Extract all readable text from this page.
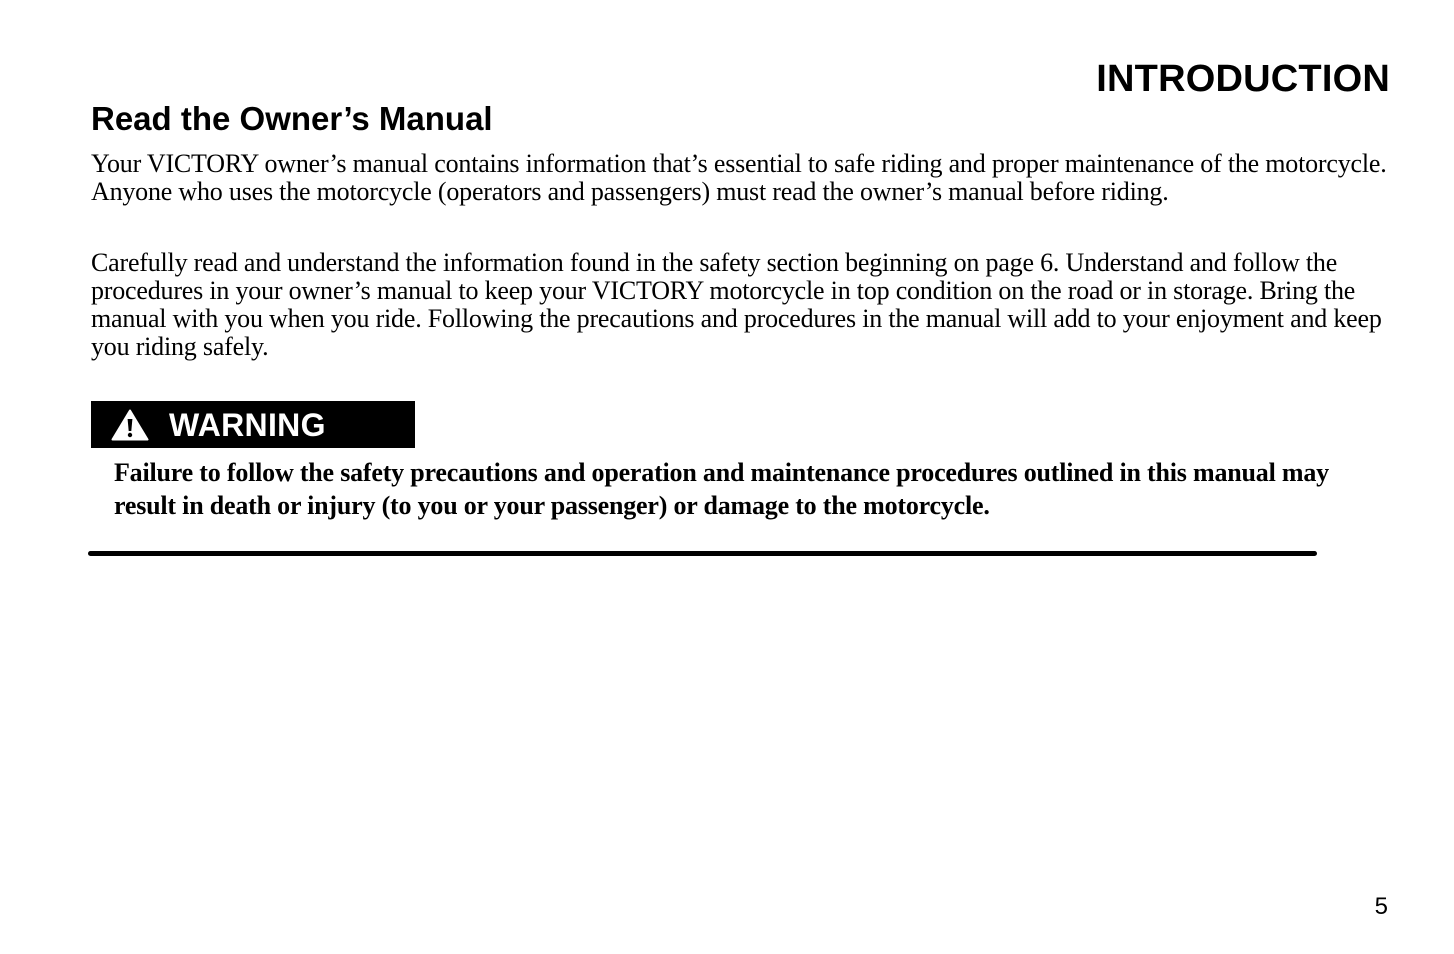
INTRODUCTION
Read the Owner’s Manual

Your VICTORY owner’s manual contains information that’s essential to safe riding and proper maintenance of the motorcycle. Anyone who uses the motorcycle (operators and passengers) must read the owner’s manual before riding.

Carefully read and understand the information found in the safety section beginning on page 6. Understand and follow the procedures in your owner’s manual to keep your VICTORY motorcycle in top condition on the road or in storage. Bring the manual with you when you ride. Following the precautions and procedures in the manual will add to your enjoyment and keep you riding safely.

WARNING

Failure to follow the safety precautions and operation and maintenance procedures outlined in this manual may result in death or injury (to you or your passenger) or damage to the motorcycle.

5
